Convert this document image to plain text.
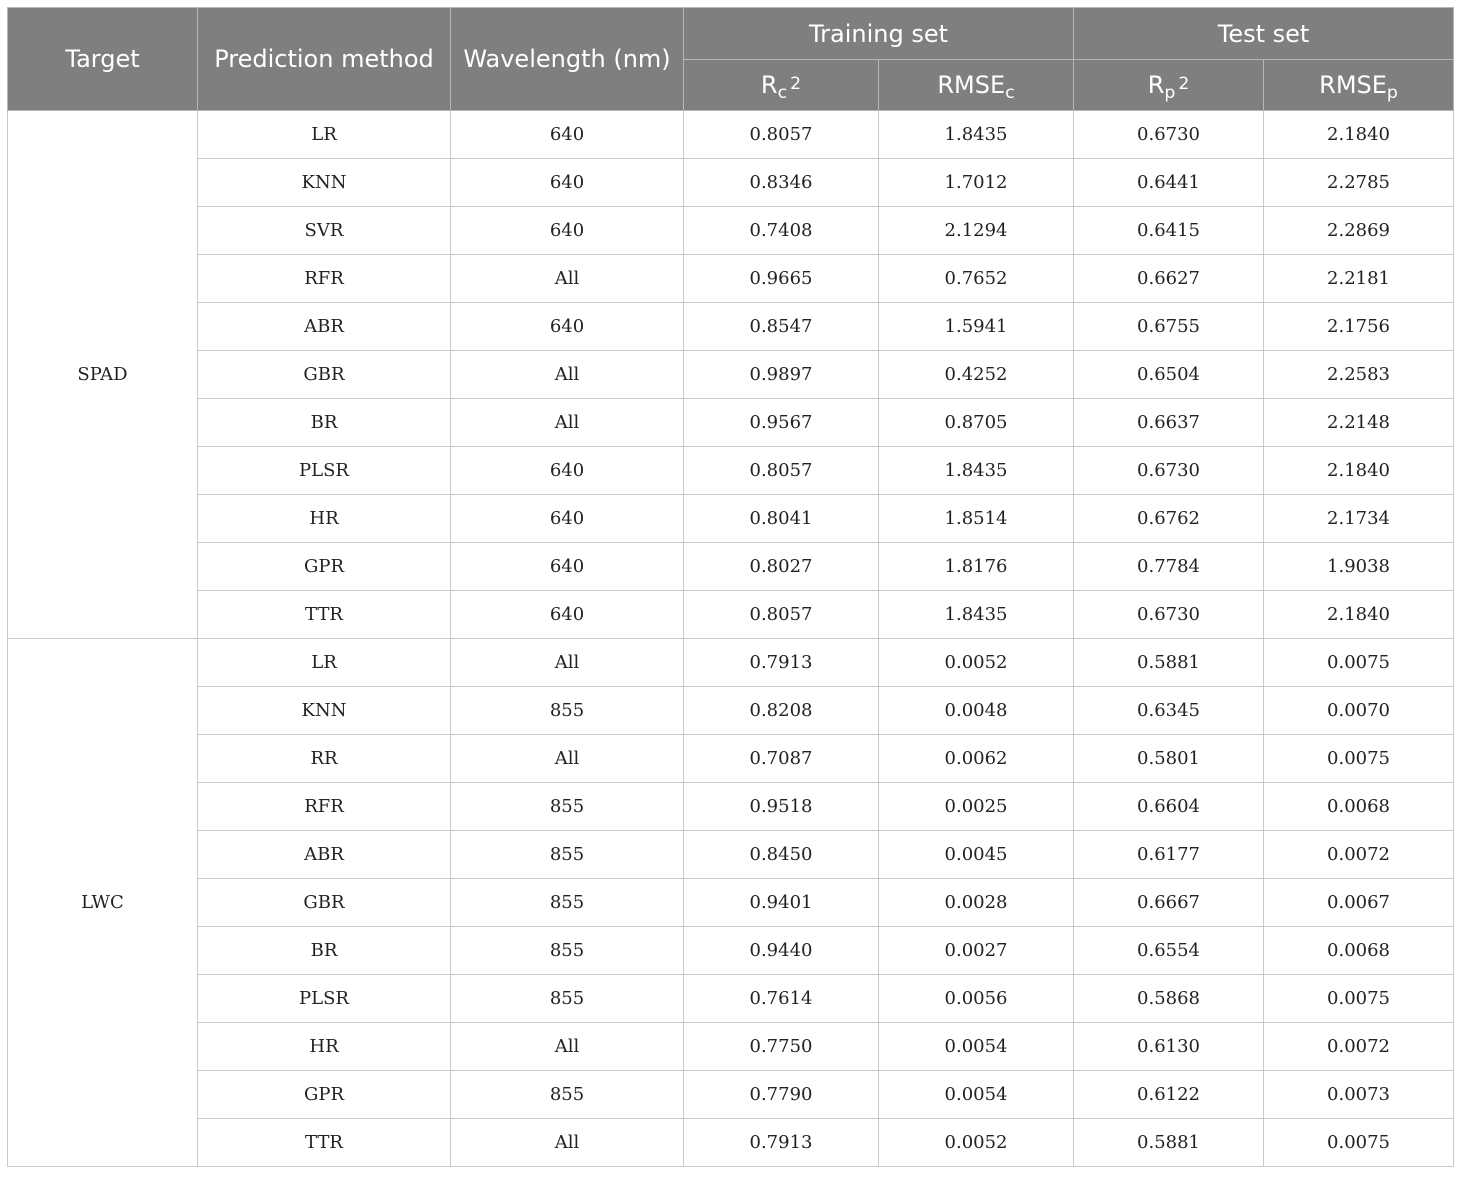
Target	Prediction method	Wavelength (nm)	Training set		Test set	
			$R_c$ $^2$	$RMSE_c$	$R_p$ $^2$	$RMSE_p$
SPAD	LR	640	0.8057	1.8435	0.6730	2.1840
	KNN	640	0.8346	1.7012	0.6441	2.2785
	SVR	640	0.7408	2.1294	0.6415	2.2869
	RFR	All	0.9665	0.7652	0.6627	2.2181
	ABR	640	0.8547	1.5941	0.6755	2.1756
	GBR	All	0.9897	0.4252	0.6504	2.2583
	BR	All	0.9567	0.8705	0.6637	2.2148
	PLSR	640	0.8057	1.8435	0.6730	2.1840
	HR	640	0.8041	1.8514	0.6762	2.1734
	GPR	640	0.8027	1.8176	0.7784	1.9038
	TTR	640	0.8057	1.8435	0.6730	2.1840
LWC	LR	All	0.7913	0.0052	0.5881	0.0075
	KNN	855	0.8208	0.0048	0.6345	0.0070
	RR	All	0.7087	0.0062	0.5801	0.0075
	RFR	855	0.9518	0.0025	0.6604	0.0068
	ABR	855	0.8450	0.0045	0.6177	0.0072
	GBR	855	0.9401	0.0028	0.6667	0.0067
	BR	855	0.9440	0.0027	0.6554	0.0068
	PLSR	855	0.7614	0.0056	0.5868	0.0075
	HR	All	0.7750	0.0054	0.6130	0.0072
	GPR	855	0.7790	0.0054	0.6122	0.0073
	TTR	All	0.7913	0.0052	0.5881	0.0075
